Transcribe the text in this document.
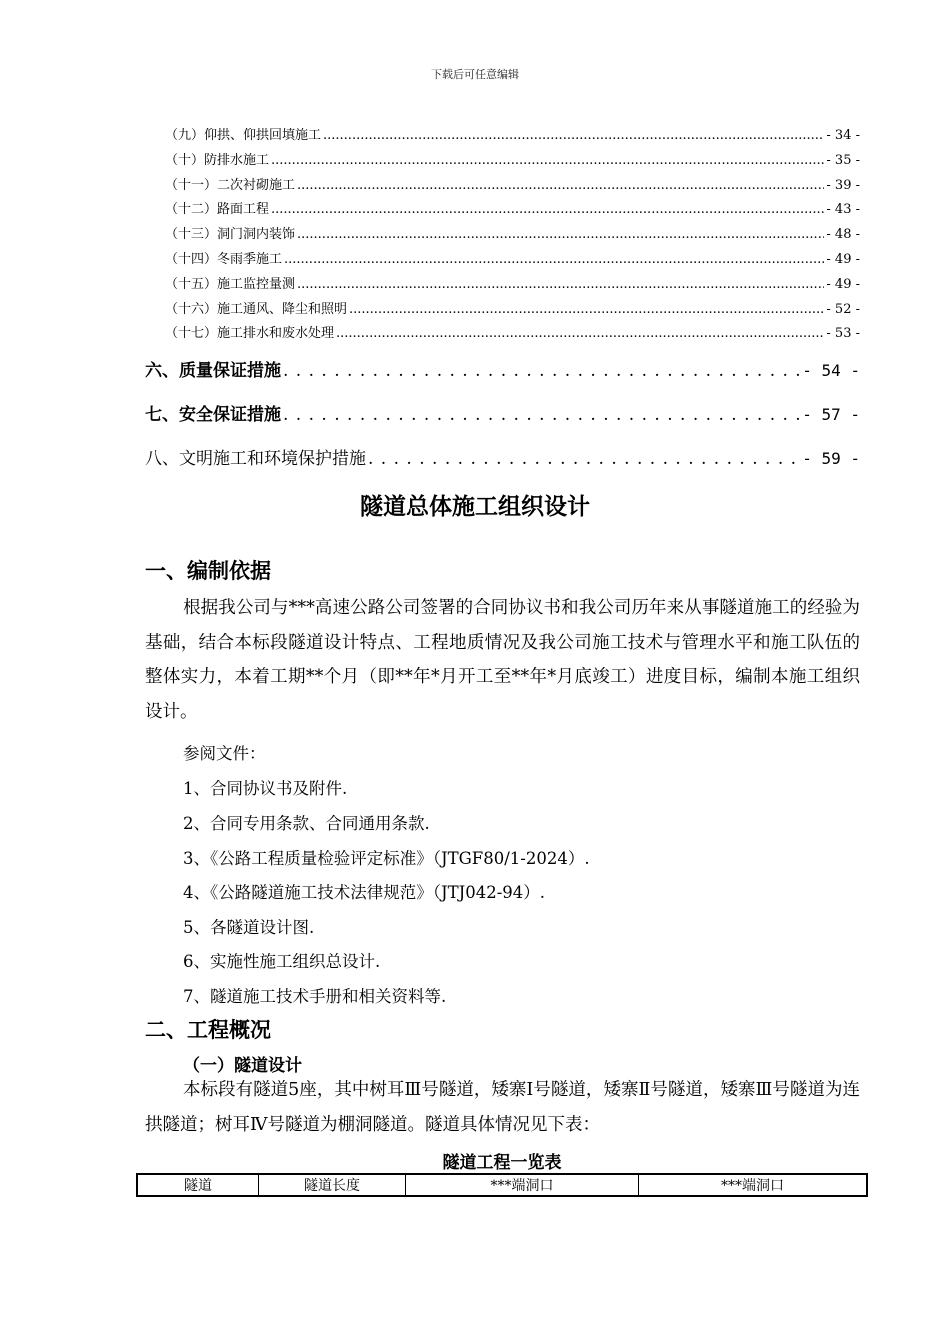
下载后可任意编辑
（九）仰拱、仰拱回填施工 .....	- 34 -
（十）防排水施工 .....	- 35 -
（十一）二次衬砌施工 .....	- 39 -
（十二）路面工程 .....	- 43 -
（十三）洞门洞内装饰 .....	- 48 -
（十四）冬雨季施工 .....	- 49 -
（十五）施工监控量测 .....	- 49 -
（十六）施工通风、降尘和照明 .....	- 52 -
（十七）施工排水和废水处理 .....	- 53 -
六、质量保证措施 . . .	- 54 -
七、安全保证措施 . . .	- 57 -
八、文明施工和环境保护措施 . . .	- 59 -
隧道总体施工组织设计
一、编制依据
根据我公司与***高速公路公司签署的合同协议书和我公司历年来从事隧道施工的经验为基础，结合本标段隧道设计特点、工程地质情况及我公司施工技术与管理水平和施工队伍的整体实力，本着工期**个月（即**年*月开工至**年*月底竣工）进度目标，编制本施工组织设计。
参阅文件：
1、合同协议书及附件.
2、合同专用条款、合同通用条款.
3、《公路工程质量检验评定标准》（JTGF80/1-2024）.
4、《公路隧道施工技术法律规范》（JTJ042-94）.
5、各隧道设计图.
6、实施性施工组织总设计.
7、隧道施工技术手册和相关资料等.
二、工程概况
（一）隧道设计
本标段有隧道5座，其中树耳Ⅲ号隧道，矮寨Ⅰ号隧道，矮寨Ⅱ号隧道，矮寨Ⅲ号隧道为连拱隧道；树耳Ⅳ号隧道为棚洞隧道。隧道具体情况见下表：
隧道工程一览表
隧道	隧道长度	***端洞口	***端洞口
